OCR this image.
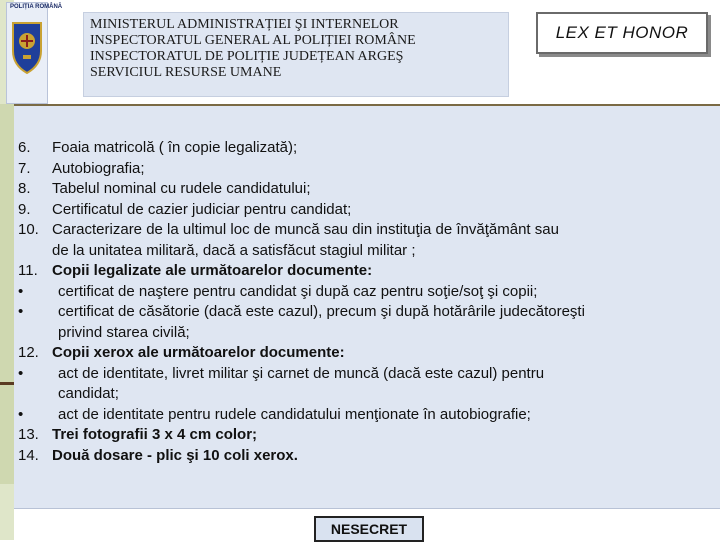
POLIȚIA ROMÂNĂ
MINISTERUL ADMINISTRAȚIEI ŞI INTERNELOR
INSPECTORATUL GENERAL AL POLIȚIEI ROMÂNE
INSPECTORATUL DE POLIȚIE JUDEȚEAN ARGEŞ
SERVICIUL RESURSE UMANE
LEX ET HONOR
6.	Foaia matricolă ( în copie legalizată);
7.	Autobiografia;
8.	Tabelul nominal cu rudele candidatului;
9.	Certificatul de cazier judiciar pentru candidat;
10. Caracterizare de la ultimul loc de muncă sau din instituţia de învăţământ sau
de la unitatea militară, dacă a satisfăcut stagiul militar ;
11. Copii legalizate ale următoarelor documente:
•	certificat de naştere pentru candidat şi după caz pentru soţie/soţ şi copii;
•	certificat de căsătorie (dacă este cazul), precum şi după hotărârile judecătoreşti
privind starea civilă;
12. Copii xerox ale următoarelor documente:
•	act de identitate, livret militar şi carnet de muncă (dacă este cazul) pentru
candidat;
•	act de identitate pentru rudele candidatului menţionate în autobiografie;
13. Trei fotografii 3 x 4 cm color;
14. Două dosare - plic şi 10 coli xerox.
NESECRET
